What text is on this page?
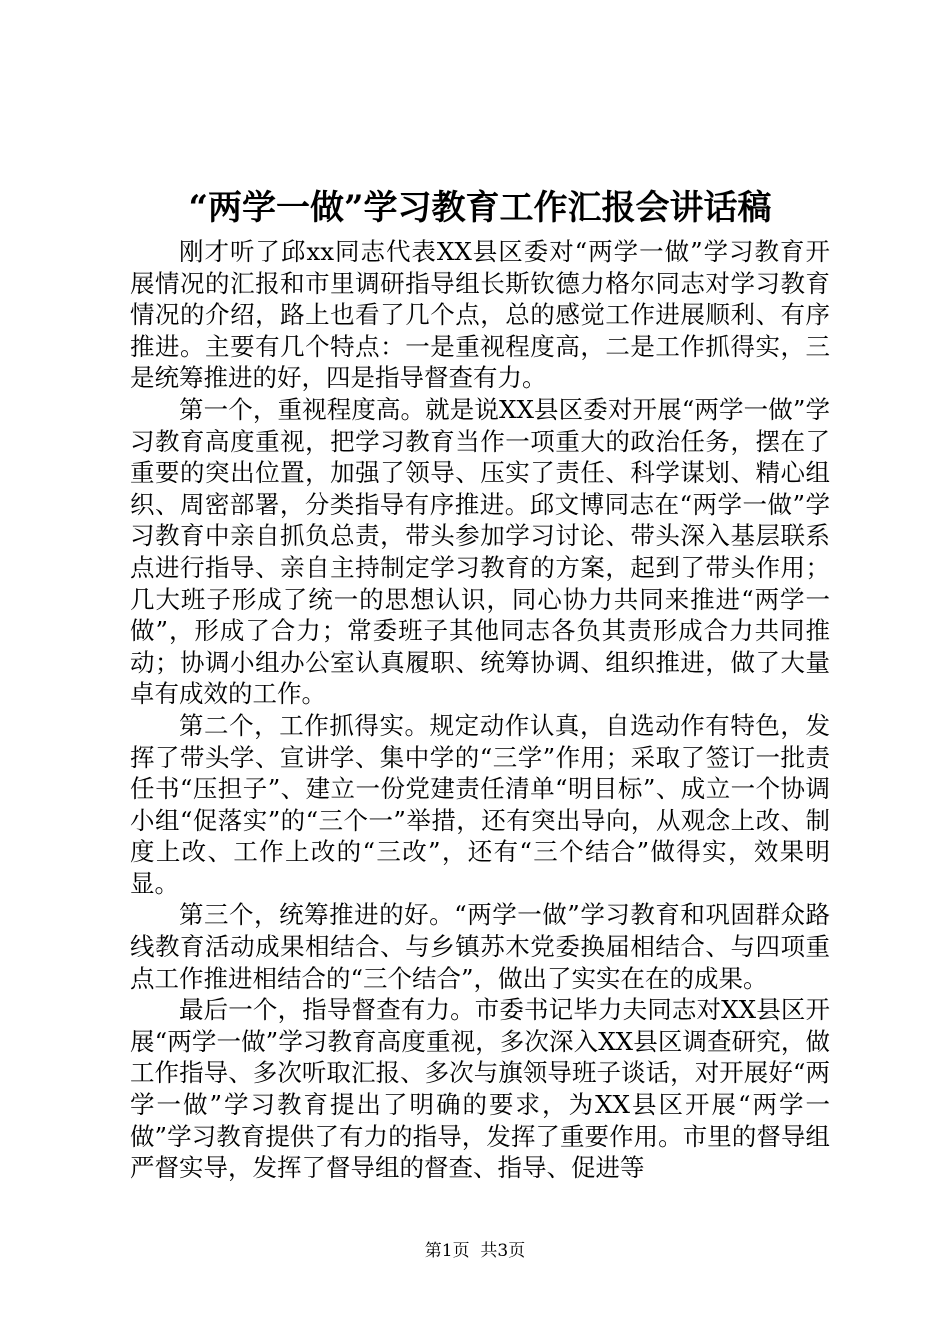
“两学一做”学习教育工作汇报会讲话稿

刚才听了邱xx同志代表XX县区委对“两学一做”学习教育开展情况的汇报和市里调研指导组长斯钦德力格尔同志对学习教育情况的介绍，路上也看了几个点，总的感觉工作进展顺利、有序推进。主要有几个特点：一是重视程度高，二是工作抓得实，三是统筹推进的好，四是指导督查有力。

第一个，重视程度高。就是说XX县区委对开展“两学一做”学习教育高度重视，把学习教育当作一项重大的政治任务，摆在了重要的突出位置，加强了领导、压实了责任、科学谋划、精心组织、周密部署，分类指导有序推进。邱文博同志在“两学一做”学习教育中亲自抓负总责，带头参加学习讨论、带头深入基层联系点进行指导、亲自主持制定学习教育的方案，起到了带头作用；几大班子形成了统一的思想认识，同心协力共同来推进“两学一做”，形成了合力；常委班子其他同志各负其责形成合力共同推动；协调小组办公室认真履职、统筹协调、组织推进，做了大量卓有成效的工作。

第二个，工作抓得实。规定动作认真，自选动作有特色，发挥了带头学、宣讲学、集中学的“三学”作用；采取了签订一批责任书“压担子”、建立一份党建责任清单“明目标”、成立一个协调小组“促落实”的“三个一”举措，还有突出导向，从观念上改、制度上改、工作上改的“三改”，还有“三个结合”做得实，效果明显。

第三个，统筹推进的好。“两学一做”学习教育和巩固群众路线教育活动成果相结合、与乡镇苏木党委换届相结合、与四项重点工作推进相结合的“三个结合”，做出了实实在在的成果。

最后一个，指导督查有力。市委书记毕力夫同志对XX县区开展“两学一做”学习教育高度重视，多次深入XX县区调查研究，做工作指导、多次听取汇报、多次与旗领导班子谈话，对开展好“两学一做”学习教育提出了明确的要求，为XX县区开展“两学一做”学习教育提供了有力的指导，发挥了重要作用。市里的督导组严督实导，发挥了督导组的督查、指导、促进等

第1页  共3页
